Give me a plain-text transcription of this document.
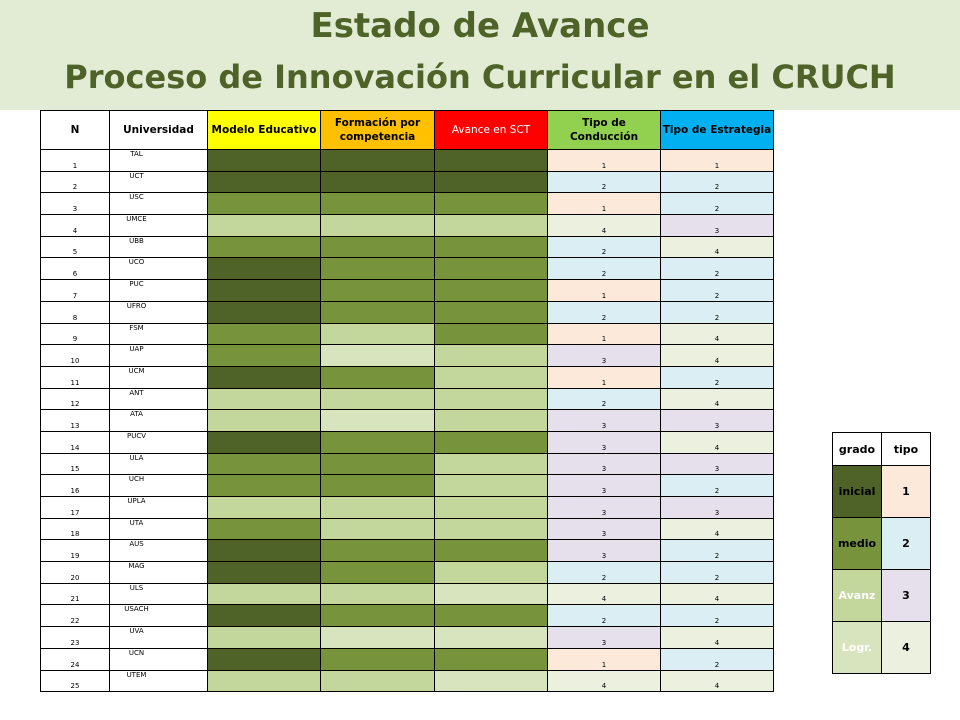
Estado de Avance
Proceso de Innovación Curricular en el CRUCH
N	Universidad	Modelo Educativo	Formación por competencia	Avance en SCT	Tipo de Conducción	Tipo de Estrategia
1	TAL				1	1
2	UCT				2	2
3	USC				1	2
4	UMCE				4	3
5	UBB				2	4
6	UCO				2	2
7	PUC				1	2
8	UFRO				2	2
9	FSM				1	4
10	UAP				3	4
11	UCM				1	2
12	ANT				2	4
13	ATA				3	3
14	PUCV				3	4
15	ULA				3	3
16	UCH				3	2
17	UPLA				3	3
18	UTA				3	4
19	AUS				3	2
20	MAG				2	2
21	ULS				4	4
22	USACH				2	2
23	UVA				3	4
24	UCN				1	2
25	UTEM				4	4
grado	tipo
inicial	1
medio	2
Avanz	3
Logr.	4
